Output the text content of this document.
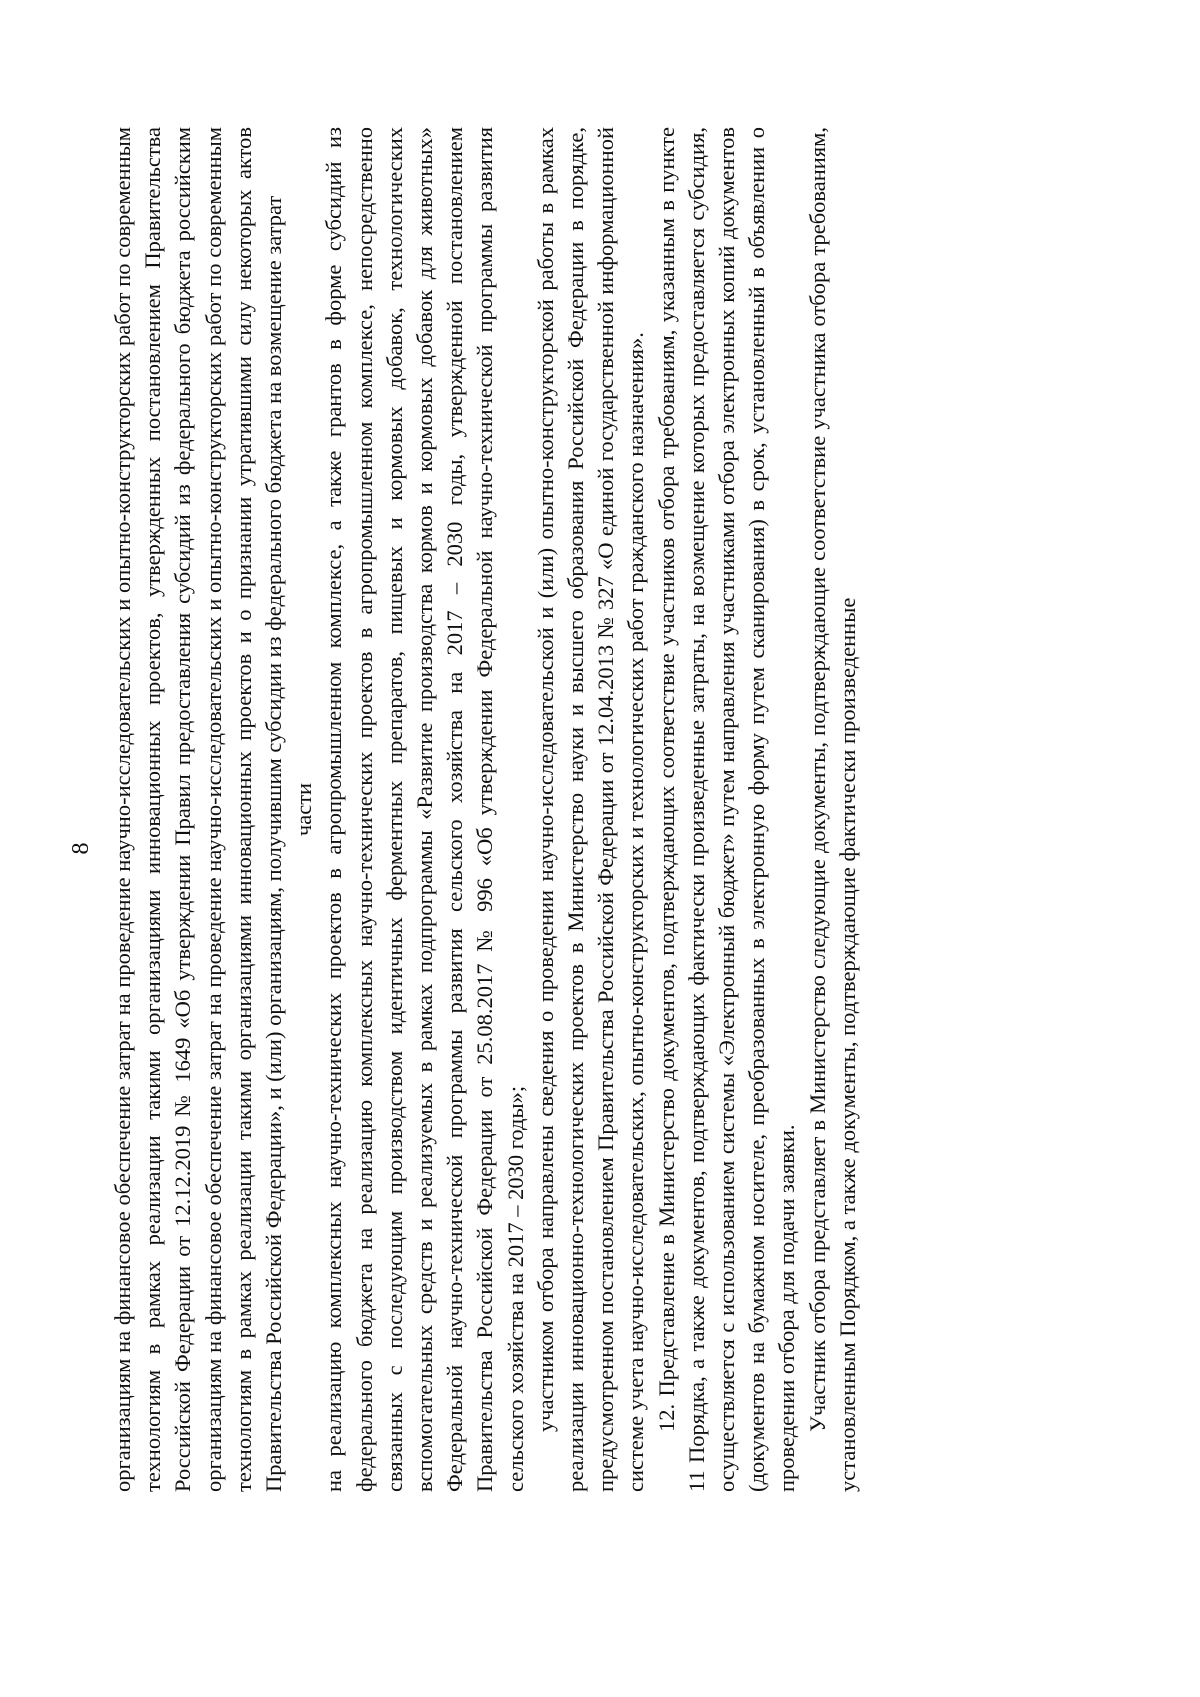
8 организациям на финансовое обеспечение затрат на проведение научно-исследовательских и опытно-конструкторских работ по современным технологиям в рамках реализации такими организациями инновационных проектов, утвержденных постановлением Правительства Российской Федерации от 12.12.2019 № 1649 «Об утверждении Правил предоставления субсидий из федерального бюджета российским организациям на финансовое обеспечение затрат на проведение научно-исследовательских и опытно-конструкторских работ по современным технологиям в рамках реализации такими организациями инновационных проектов и о признании утратившими силу некоторых актов Правительства Российской Федерации», и (или) организациям, получившим субсидии из федерального бюджета на возмещение затрат части на реализацию комплексных научно-технических проектов в агропромышленном комплексе, а также грантов в форме субсидий из федерального бюджета на реализацию комплексных научно-технических проектов в агропромышленном комплексе, непосредственно связанных с последующим производством идентичных ферментных препаратов, пищевых и кормовых добавок, технологических вспомогательных средств и реализуемых в рамках подпрограммы «Развитие производства кормов и кормовых добавок для животных» Федеральной научно-технической программы развития сельского хозяйства на 2017 – 2030 годы, утвержденной постановлением Правительства Российской Федерации от 25.08.2017 № 996 «Об утверждении Федеральной научно-технической программы развития сельского хозяйства на 2017 – 2030 годы»; участником отбора направлены сведения о проведении научно-исследовательской и (или) опытно-конструкторской работы в рамках реализации инновационно-технологических проектов в Министерство науки и высшего образования Российской Федерации в порядке, предусмотренном постановлением Правительства Российской Федерации от 12.04.2013 № 327 «О единой государственной информационной системе учета научно-исследовательских, опытно-конструкторских и технологических работ гражданского назначения». 12. Представление в Министерство документов, подтверждающих соответствие участников отбора требованиям, указанным в пункте 11 Порядка, а также документов, подтверждающих фактически произведенные затраты, на возмещение которых предоставляется субсидия, осуществляется с использованием системы «Электронный бюджет» путем направления участниками отбора электронных копий документов (документов на бумажном носителе, преобразованных в электронную форму путем сканирования) в срок, установленный в объявлении о проведении отбора для подачи заявки. Участник отбора представляет в Министерство следующие документы, подтверждающие соответствие участника отбора требованиям, установленным Порядком, а также документы, подтверждающие фактически произведенные
